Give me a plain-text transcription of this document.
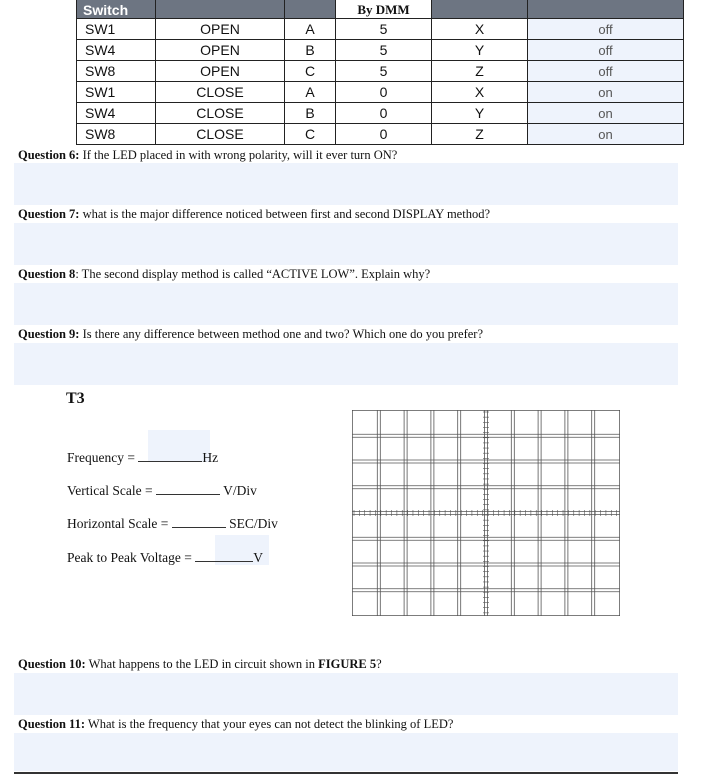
Switch			By DMM		
SW1	OPEN	A	5	X	off
SW4	OPEN	B	5	Y	off
SW8	OPEN	C	5	Z	off
SW1	CLOSE	A	0	X	on
SW4	CLOSE	B	0	Y	on
SW8	CLOSE	C	0	Z	on
Question 6: If the LED placed in with wrong polarity, will it ever turn ON?
Question 7: what is the major difference noticed between first and second DISPLAY method?
Question 8: The second display method is called “ACTIVE LOW”. Explain why?
Question 9: Is there any difference between method one and two? Which one do you prefer?
T3
Frequency =	Hz
Vertical Scale =	V/Div
Horizontal Scale =	SEC/Div
Peak to Peak Voltage =	V
Question 10: What happens to the LED in circuit shown in FIGURE 5?
Question 11: What is the frequency that your eyes can not detect the blinking of LED?
